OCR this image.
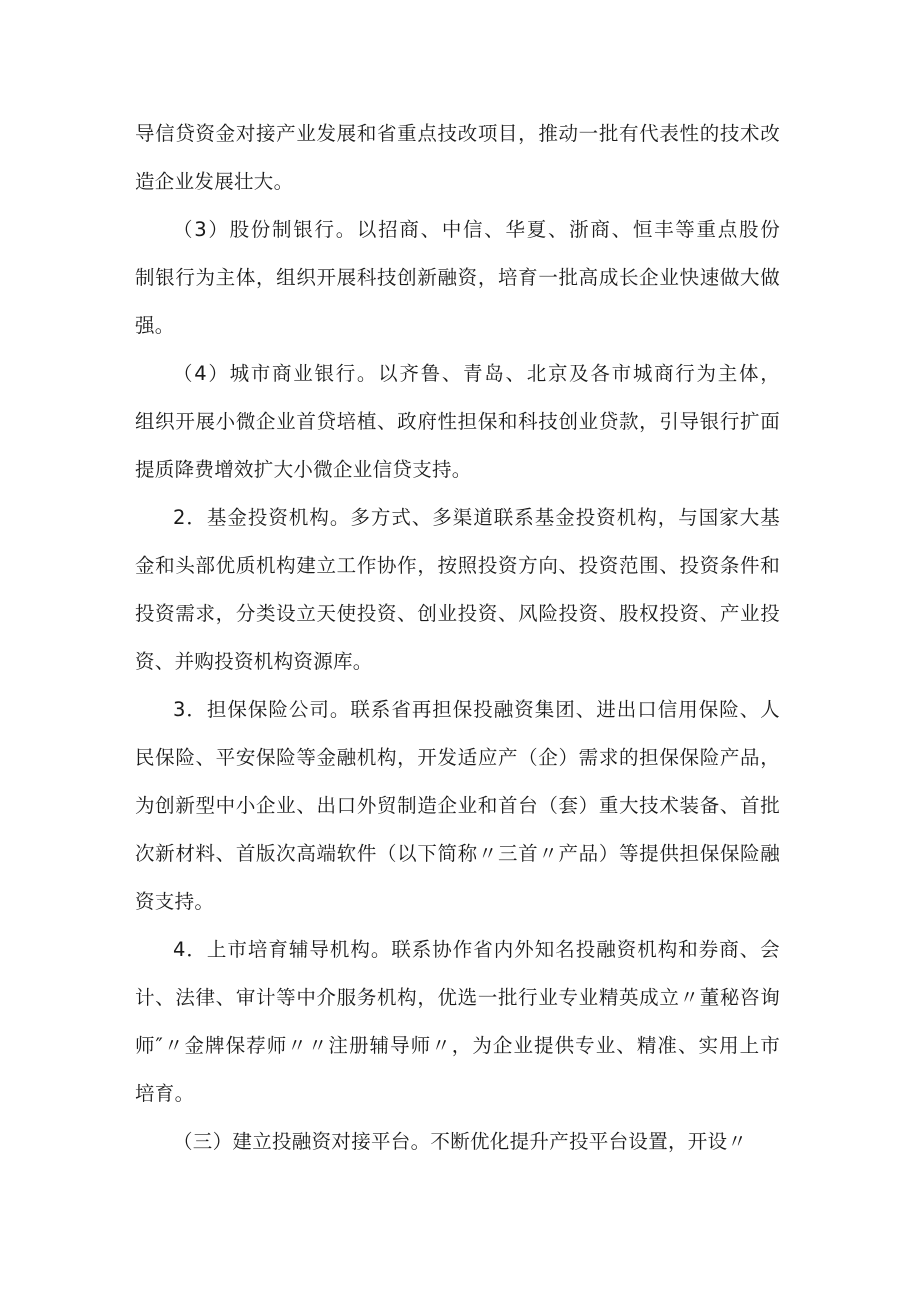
导信贷资金对接产业发展和省重点技改项目，推动一批有代表性的技术改
造企业发展壮大。
（3）股份制银行。以招商、中信、华夏、浙商、恒丰等重点股份
制银行为主体，组织开展科技创新融资，培育一批高成长企业快速做大做
强。
（4）城市商业银行。以齐鲁、青岛、北京及各市城商行为主体，
组织开展小微企业首贷培植、政府性担保和科技创业贷款，引导银行扩面
提质降费增效扩大小微企业信贷支持。
2．基金投资机构。多方式、多渠道联系基金投资机构，与国家大基
金和头部优质机构建立工作协作，按照投资方向、投资范围、投资条件和
投资需求，分类设立天使投资、创业投资、风险投资、股权投资、产业投
资、并购投资机构资源库。
3．担保保险公司。联系省再担保投融资集团、进出口信用保险、人
民保险、平安保险等金融机构，开发适应产（企）需求的担保保险产品，
为创新型中小企业、出口外贸制造企业和首台（套）重大技术装备、首批
次新材料、首版次高端软件（以下简称〃三首〃产品）等提供担保保险融
资支持。
4．上市培育辅导机构。联系协作省内外知名投融资机构和券商、会
计、法律、审计等中介服务机构，优选一批行业专业精英成立〃董秘咨询
师″〃金牌保荐师〃〃注册辅导师〃，为企业提供专业、精准、实用上市
培育。
（三）建立投融资对接平台。不断优化提升产投平台设置，开设〃
